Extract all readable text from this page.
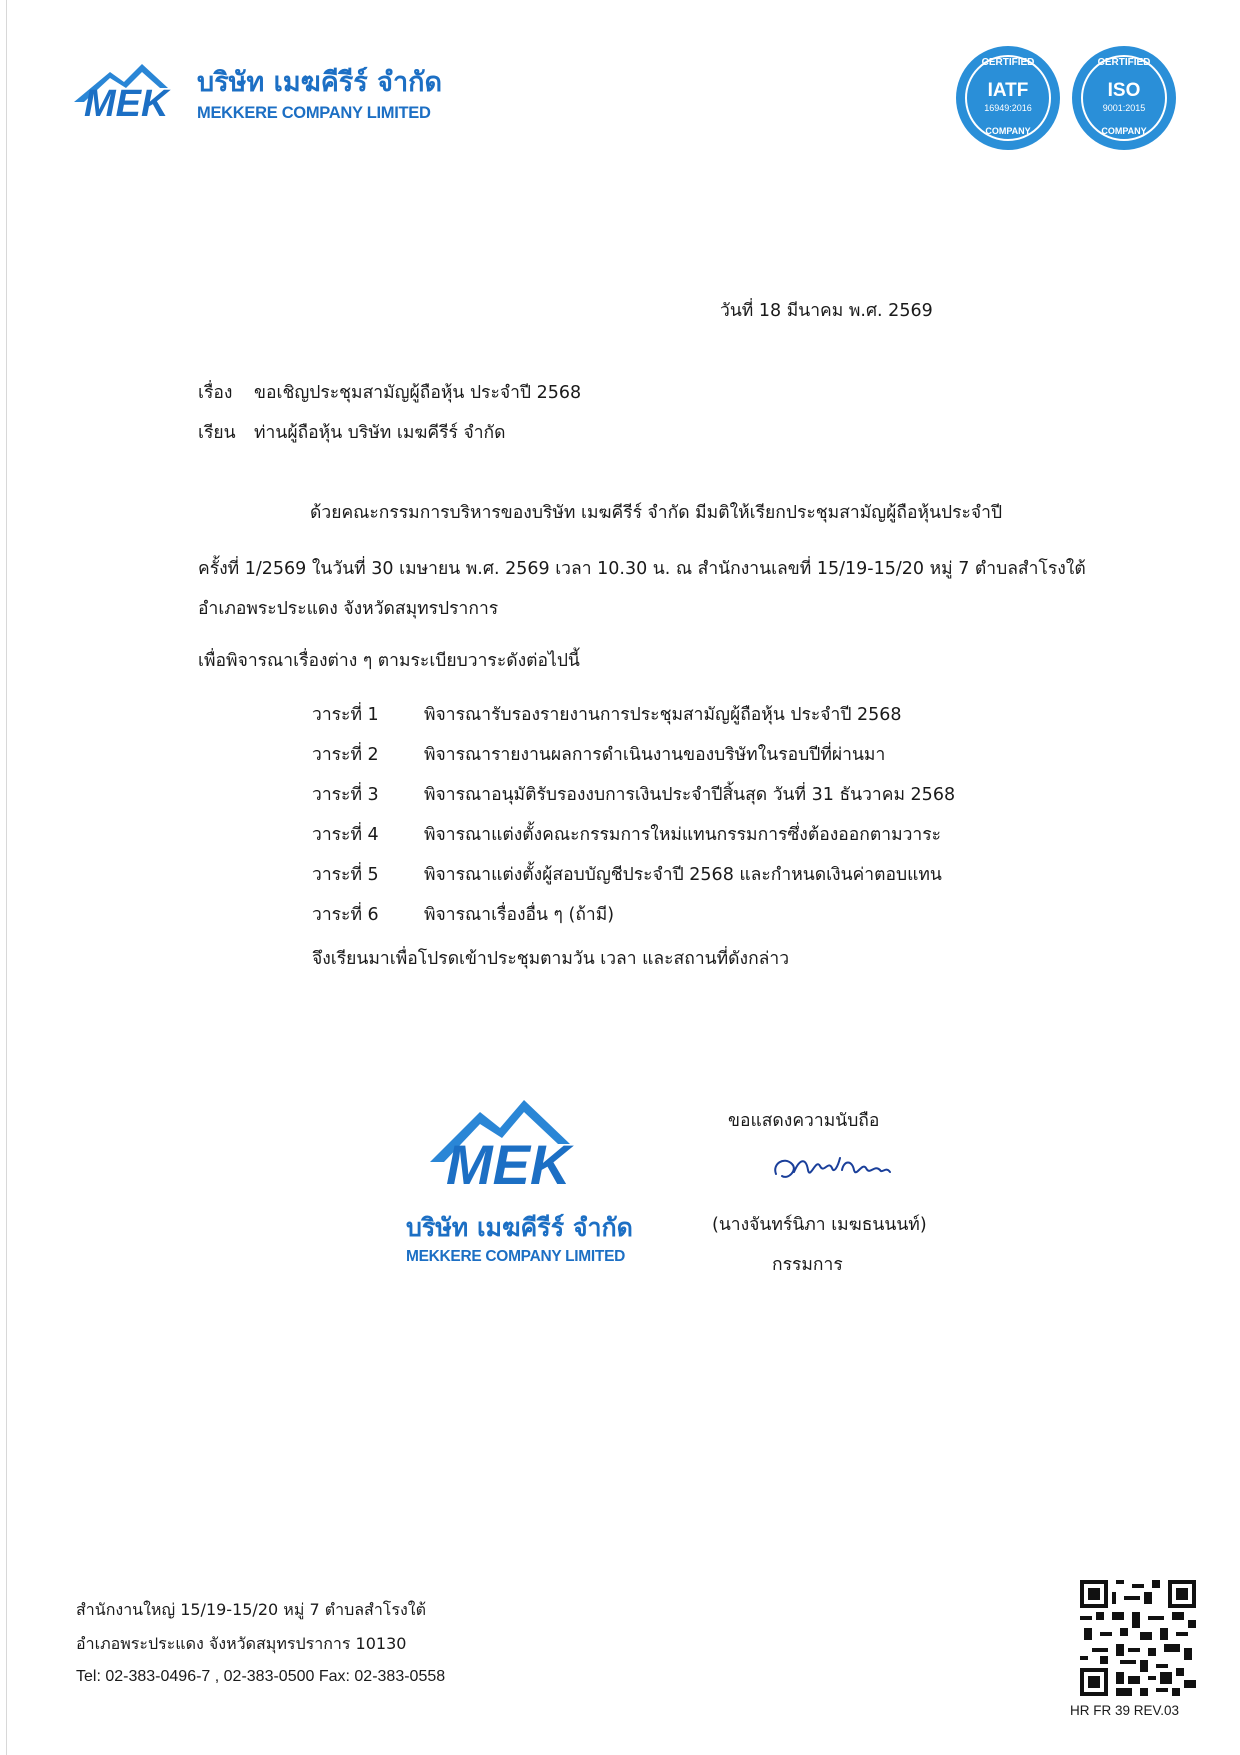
MEK
บริษัท เมฆคีรีร์ จำกัด
MEKKERE COMPANY LIMITED
CERTIFIED
IATF
16949:2016
COMPANY
CERTIFIED
ISO
9001:2015
COMPANY
วันที่ 18 มีนาคม พ.ศ. 2569
เรื่อง ขอเชิญประชุมสามัญผู้ถือหุ้น ประจำปี 2568
เรียน ท่านผู้ถือหุ้น บริษัท เมฆคีรีร์ จำกัด
ด้วยคณะกรรมการบริหารของบริษัท เมฆคีรีร์ จำกัด มีมติให้เรียกประชุมสามัญผู้ถือหุ้นประจำปี
ครั้งที่ 1/2569 ในวันที่ 30 เมษายน พ.ศ. 2569 เวลา 10.30 น. ณ สำนักงานเลขที่ 15/19-15/20 หมู่ 7 ตำบลสำโรงใต้
อำเภอพระประแดง จังหวัดสมุทรปราการ
เพื่อพิจารณาเรื่องต่าง ๆ ตามระเบียบวาระดังต่อไปนี้
วาระที่ 1	พิจารณารับรองรายงานการประชุมสามัญผู้ถือหุ้น ประจำปี 2568
วาระที่ 2	พิจารณารายงานผลการดำเนินงานของบริษัทในรอบปีที่ผ่านมา
วาระที่ 3	พิจารณาอนุมัติรับรองงบการเงินประจำปีสิ้นสุด วันที่ 31 ธันวาคม 2568
วาระที่ 4	พิจารณาแต่งตั้งคณะกรรมการใหม่แทนกรรมการซึ่งต้องออกตามวาระ
วาระที่ 5	พิจารณาแต่งตั้งผู้สอบบัญชีประจำปี 2568 และกำหนดเงินค่าตอบแทน
วาระที่ 6	พิจารณาเรื่องอื่น ๆ (ถ้ามี)
จึงเรียนมาเพื่อโปรดเข้าประชุมตามวัน เวลา และสถานที่ดังกล่าว
MEK
บริษัท เมฆคีรีร์ จำกัด
MEKKERE COMPANY LIMITED
ขอแสดงความนับถือ
(นางจันทร์นิภา เมฆธนนนท์)
กรรมการ
สำนักงานใหญ่ 15/19-15/20 หมู่ 7 ตำบลสำโรงใต้
อำเภอพระประแดง จังหวัดสมุทรปราการ 10130
Tel: 02-383-0496-7 , 02-383-0500 Fax: 02-383-0558
HR FR 39 REV.03
